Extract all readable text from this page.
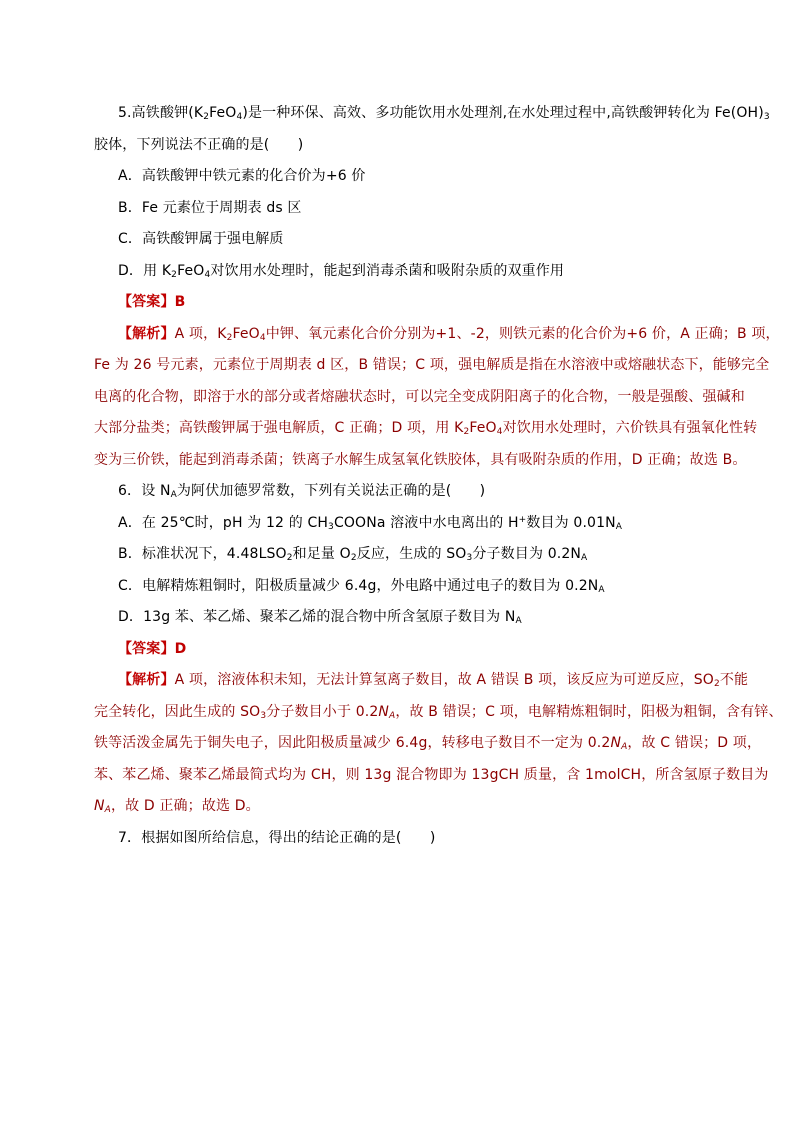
5.高铁酸钾$(K_2FeO_4)$是一种环保、高效、多功能饮用水处理剂,在水处理过程中,高铁酸钾转化为 $Fe(OH)_3$
胶体，下列说法不正确的是(　　)
A．高铁酸钾中铁元素的化合价为+6 价
B．Fe 元素位于周期表 ds 区
C．高铁酸钾属于强电解质
D．用 $K_2FeO_4$对饮用水处理时，能起到消毒杀菌和吸附杂质的双重作用
【答案】B
【解析】A 项，$K_2FeO_4$中钾、氧元素化合价分别为+1、-2，则铁元素的化合价为+6 价，A 正确；B 项，
Fe 为 26 号元素，元素位于周期表 d 区，B 错误；C 项，强电解质是指在水溶液中或熔融状态下，能够完全
电离的化合物，即溶于水的部分或者熔融状态时，可以完全变成阴阳离子的化合物，一般是强酸、强碱和
大部分盐类；高铁酸钾属于强电解质，C 正确；D 项，用 $K_2FeO_4$对饮用水处理时，六价铁具有强氧化性转
变为三价铁，能起到消毒杀菌；铁离子水解生成氢氧化铁胶体，具有吸附杂质的作用，D 正确；故选 B。
6．设 $N_A$为阿伏加德罗常数，下列有关说法正确的是(　　)
A．在 25℃时，pH 为 12 的 $CH_3COONa$ 溶液中水电离出的 H+数目为 $0.01N_A$
B．标准状况下，$4.48LSO_2$和足量 $O_2$反应，生成的 $SO_3$分子数目为 $0.2N_A$
C．电解精炼粗铜时，阳极质量减少 6.4g，外电路中通过电子的数目为 $0.2N_A$
D．13g 苯、苯乙烯、聚苯乙烯的混合物中所含氢原子数目为 $N_A$
【答案】D
【解析】A 项，溶液体积未知，无法计算氢离子数目，故 A 错误 B 项，该反应为可逆反应，$SO_2$不能
完全转化，因此生成的 $SO_3$分子数目小于 $0.2N_A$，故 B 错误；C 项，电解精炼粗铜时，阳极为粗铜，含有锌、
铁等活泼金属先于铜失电子，因此阳极质量减少 6.4g，转移电子数目不一定为 $0.2N_A$，故 C 错误；D 项，
苯、苯乙烯、聚苯乙烯最简式均为 CH，则 13g 混合物即为 13gCH 质量，含 1molCH，所含氢原子数目为
$N_A$，故 D 正确；故选 D。
7．根据如图所给信息，得出的结论正确的是(　　)
